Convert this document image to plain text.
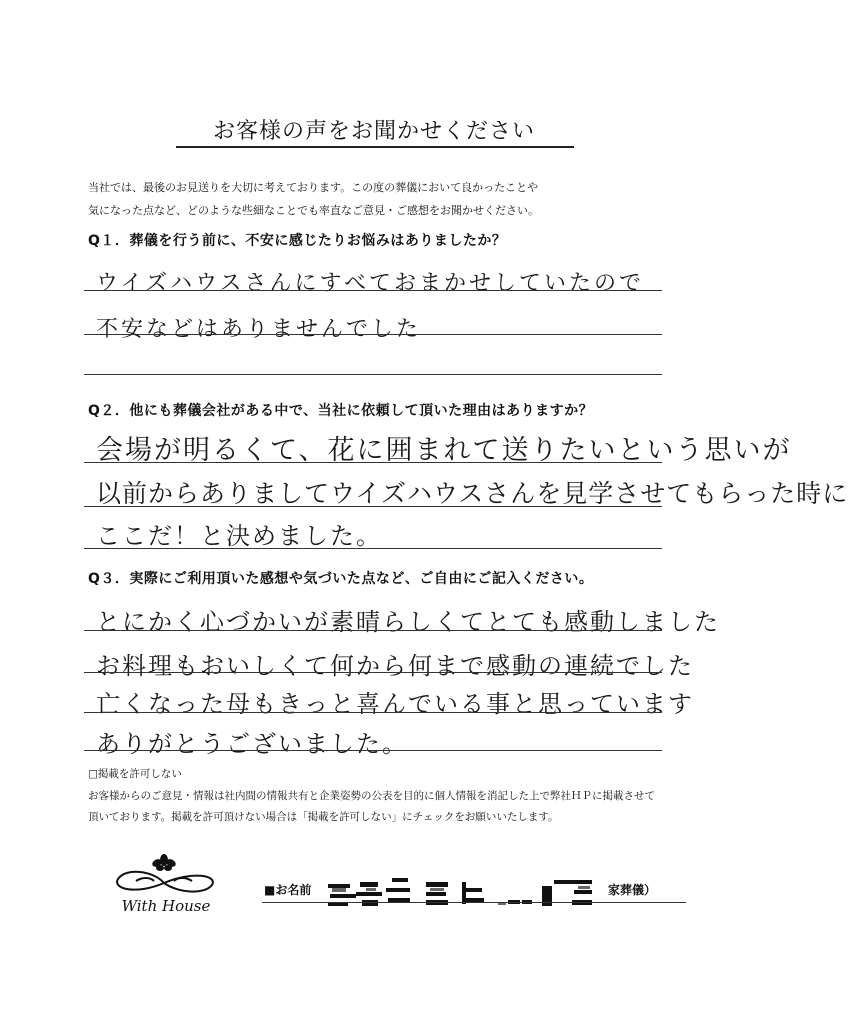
お客様の声をお聞かせください
当社では、最後のお見送りを大切に考えております。この度の葬儀において良かったことや
気になった点など、どのような些細なことでも率直なご意見・ご感想をお聞かせください。
Q１．葬儀を行う前に、不安に感じたりお悩みはありましたか？
ウイズハウスさんにすべておまかせしていたので
不安などはありませんでした
Q２．他にも葬儀会社がある中で、当社に依頼して頂いた理由はありますか？
会場が明るくて、花に囲まれて送りたいという思いが
以前からありましてウイズハウスさんを見学させてもらった時に
ここだ！と決めました。
Q３．実際にご利用頂いた感想や気づいた点など、ご自由にご記入ください。
とにかく心づかいが素晴らしくてとても感動しました
お料理もおいしくて何から何まで感動の連続でした
亡くなった母もきっと喜んでいる事と思っています
ありがとうございました。
□掲載を許可しない
お客様からのご意見・情報は社内間の情報共有と企業姿勢の公表を目的に個人情報を消記した上で弊社ＨＰに掲載させて
頂いております。掲載を許可頂けない場合は「掲載を許可しない」にチェックをお願いいたします。
With House
■お名前	家葬儀）
